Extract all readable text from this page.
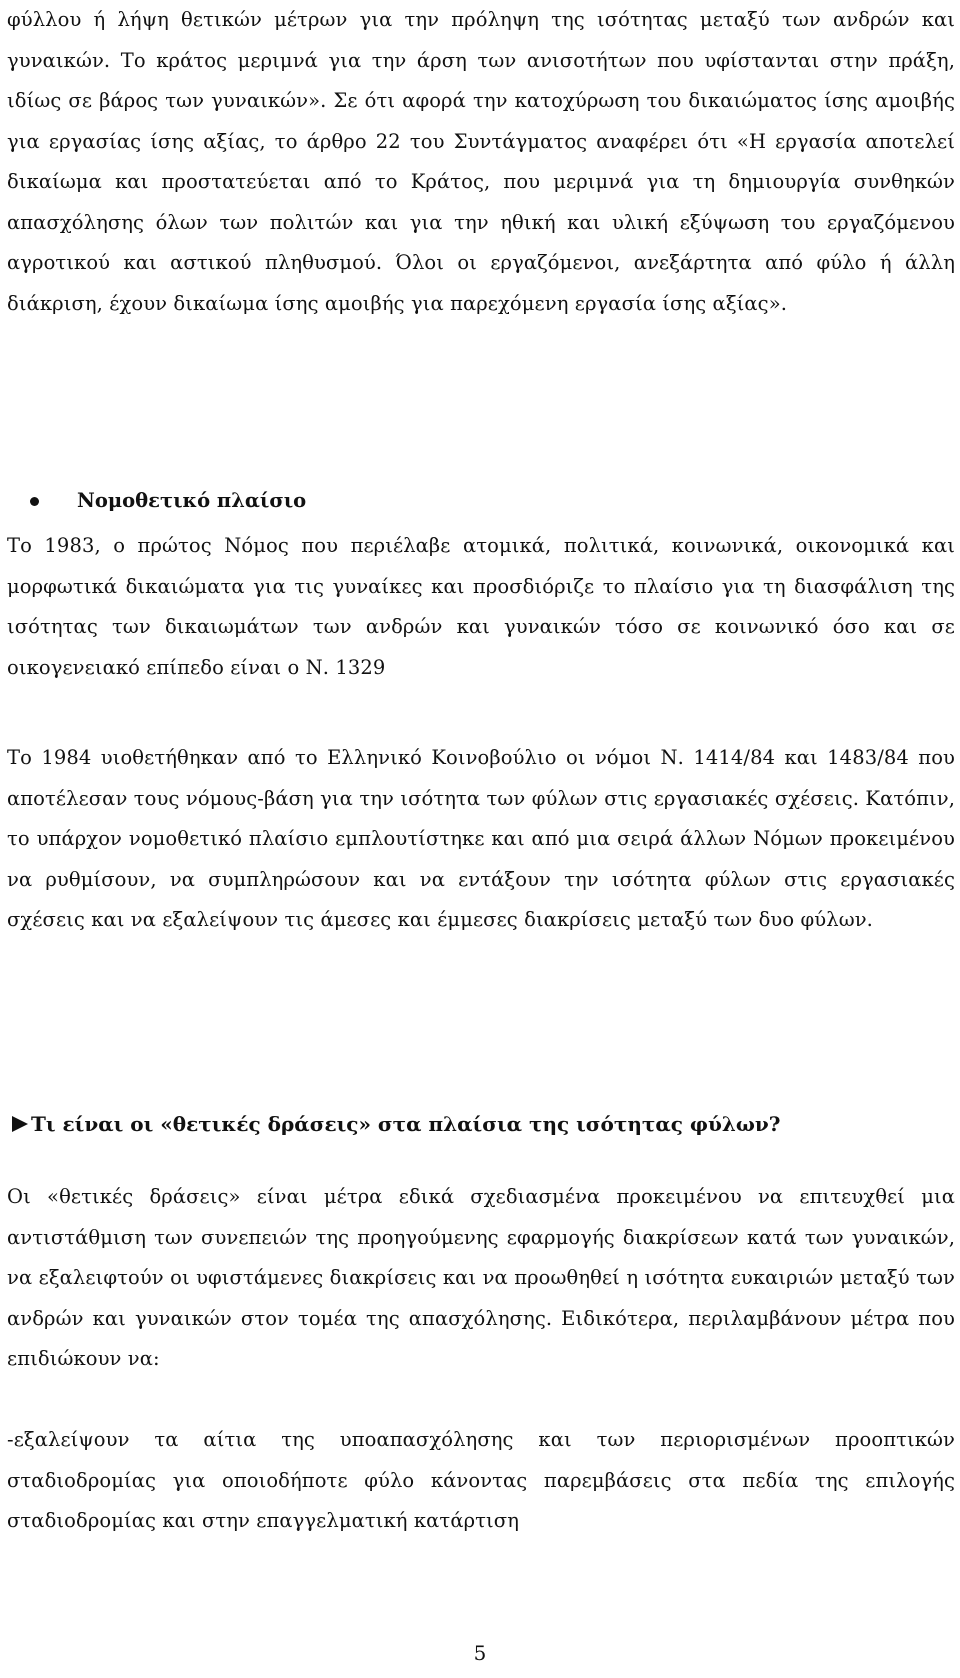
φύλλου ή λήψη θετικών μέτρων για την πρόληψη της ισότητας μεταξύ των ανδρών και γυναικών. Το κράτος μεριμνά για την άρση των ανισοτήτων που υφίστανται στην πράξη, ιδίως σε βάρος των γυναικών». Σε ότι αφορά την κατοχύρωση του δικαιώματος ίσης αμοιβής για εργασίας ίσης αξίας, το άρθρο 22 του Συντάγματος αναφέρει ότι «Η εργασία αποτελεί δικαίωμα και προστατεύεται από το Κράτος, που μεριμνά για τη δημιουργία συνθηκών απασχόλησης όλων των πολιτών και για την ηθική και υλική εξύψωση του εργαζόμενου αγροτικού και αστικού πληθυσμού. Όλοι οι εργαζόμενοι, ανεξάρτητα από φύλο ή άλλη διάκριση, έχουν δικαίωμα ίσης αμοιβής για παρεχόμενη εργασία ίσης αξίας».

Νομοθετικό πλαίσιο

Το 1983, ο πρώτος Νόμος που περιέλαβε ατομικά, πολιτικά, κοινωνικά, οικονομικά και μορφωτικά δικαιώματα για τις γυναίκες και προσδιόριζε το πλαίσιο για τη διασφάλιση της ισότητας των δικαιωμάτων των ανδρών και γυναικών τόσο σε κοινωνικό όσο και σε οικογενειακό επίπεδο είναι ο Ν. 1329

Το 1984 υιοθετήθηκαν από το Ελληνικό Κοινοβούλιο οι νόμοι Ν. 1414/84 και 1483/84 που αποτέλεσαν τους νόμους-βάση για την ισότητα των φύλων στις εργασιακές σχέσεις. Κατόπιν, το υπάρχον νομοθετικό πλαίσιο εμπλουτίστηκε και από μια σειρά άλλων Νόμων προκειμένου να ρυθμίσουν, να συμπληρώσουν και να εντάξουν την ισότητα φύλων στις εργασιακές σχέσεις και να εξαλείψουν τις άμεσες και έμμεσες διακρίσεις μεταξύ των δυο φύλων.

Τι είναι οι «θετικές δράσεις» στα πλαίσια της ισότητας φύλων?

Οι «θετικές δράσεις» είναι μέτρα εδικά σχεδιασμένα προκειμένου να επιτευχθεί μια αντιστάθμιση των συνεπειών της προηγούμενης εφαρμογής διακρίσεων κατά των γυναικών, να εξαλειφτούν οι υφιστάμενες διακρίσεις και να προωθηθεί η ισότητα ευκαιριών μεταξύ των ανδρών και γυναικών στον τομέα της απασχόλησης. Ειδικότερα, περιλαμβάνουν μέτρα που επιδιώκουν να:

-εξαλείψουν τα αίτια της υποαπασχόλησης και των περιορισμένων προοπτικών σταδιοδρομίας για οποιοδήποτε φύλο κάνοντας παρεμβάσεις στα πεδία της επιλογής σταδιοδρομίας και στην επαγγελματική κατάρτιση

5
